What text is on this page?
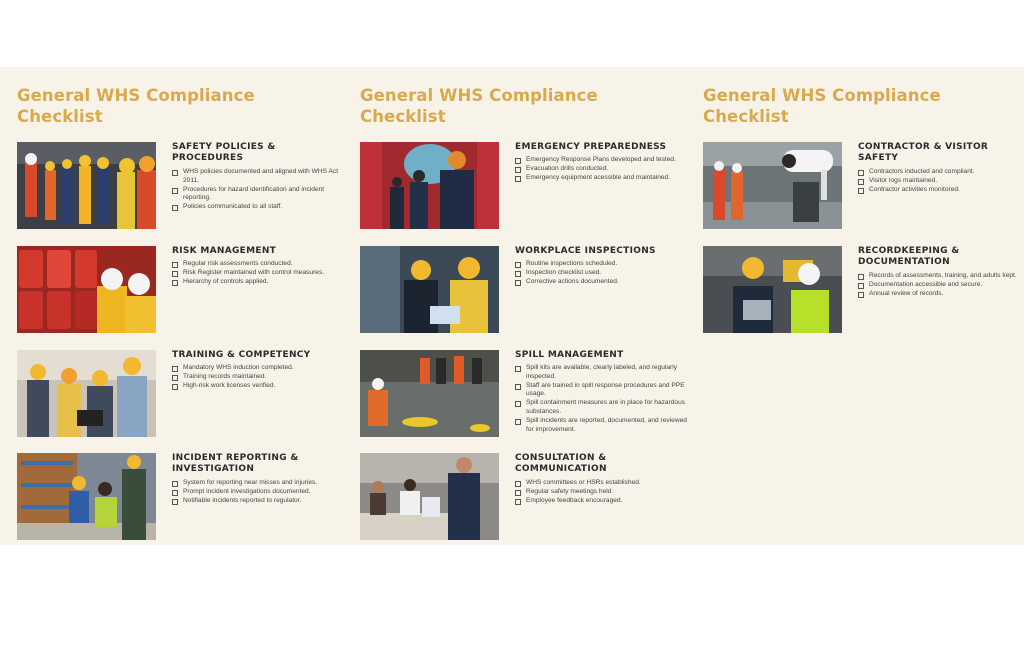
General WHS Compliance Checklist
SAFETY POLICIES & PROCEDURES
WHS policies documented and aligned with WHS Act 2011.
Procedures for hazard identification and incident reporting.
Policies communicated to all staff.
RISK MANAGEMENT
Regular risk assessments conducted.
Risk Register maintained with control measures.
Hierarchy of controls applied.
TRAINING & COMPETENCY
Mandatory WHS induction completed.
Training records maintained.
High-risk work licenses verified.
INCIDENT REPORTING & INVESTIGATION
System for reporting near misses and injuries.
Prompt incident investigations documented.
Notifiable incidents reported to regulator.
General WHS Compliance Checklist
EMERGENCY PREPAREDNESS
Emergency Response Plans developed and tested.
Evacuation drills conducted.
Emergency equipment acessible and maintained.
WORKPLACE INSPECTIONS
Routine inspections scheduled.
Inspection checklist used.
Corrective actions documented.
SPILL MANAGEMENT
Spill kits are available, clearly labeled, and regularly inspected.
Staff are trained in spill response procedures and PPE usage.
Spill containment measures are in place for hazardous substances.
Spill incidents are reported, documented, and reviewed for improvement.
CONSULTATION & COMMUNICATION
WHS committees or HSRs established.
Regular safety meetings held.
Employee feedback encouraged.
General WHS Compliance Checklist
CONTRACTOR & VISITOR SAFETY
Contractors inducted and compliant.
Visitor logs maintained.
Contractor activities monitored.
RECORDKEEPING & DOCUMENTATION
Records of assessments, training, and adults kept.
Documentation accessible and secure.
Annual review of records.
